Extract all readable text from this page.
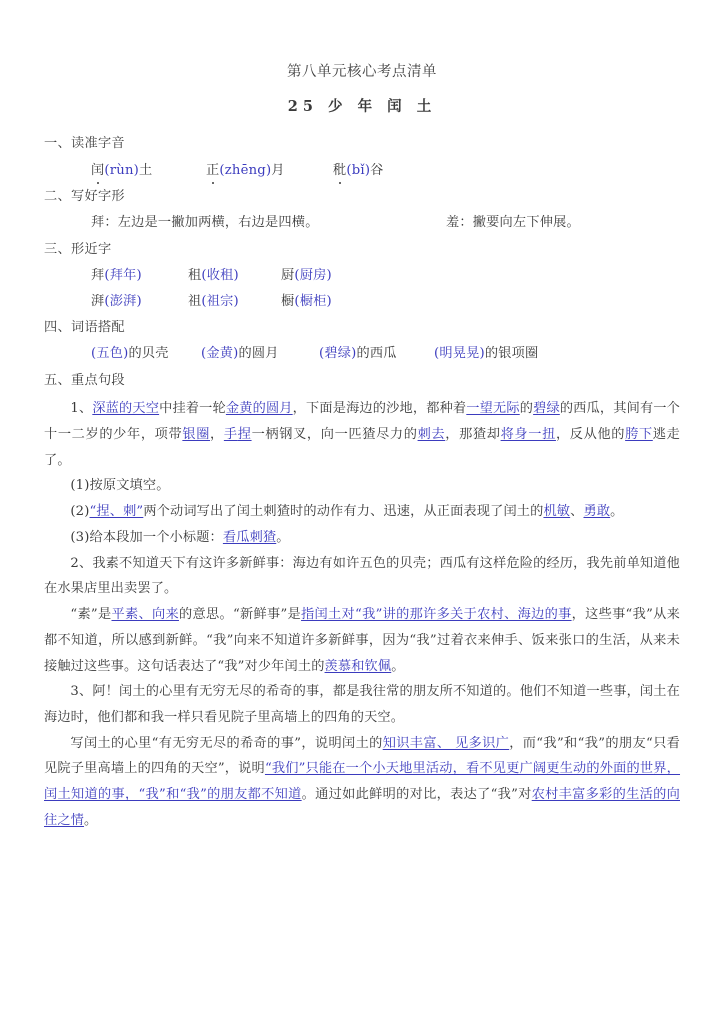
第八单元核心考点清单
25 少 年 闰 土
一、读准字音
闰(rùn)土	正(zhēng)月	秕(bǐ)谷
二、写好字形
拜：左边是一撇加两横，右边是四横。	羞：撇要向左下伸展。
三、形近字
拜(拜年)	租(收租)	厨(厨房)
湃(澎湃)	祖(祖宗)	橱(橱柜)
四、词语搭配
(五色)的贝壳 (金黄)的圆月	(碧绿)的西瓜	(明晃晃)的银项圈
五、重点句段

1、深蓝的天空中挂着一轮金黄的圆月，下面是海边的沙地，都种着一望无际的碧绿的西瓜，其间有一个十一二岁的少年，项带银圈，手捏一柄钢叉，向一匹猹尽力的刺去，那猹却将身一扭，反从他的胯下逃走了。

(1)按原文填空。

(2)“捏、刺”两个动词写出了闰土刺猹时的动作有力、迅速，从正面表现了闰土的机敏、勇敢。

(3)给本段加一个小标题：看瓜刺猹。

2、我素不知道天下有这许多新鲜事：海边有如许五色的贝壳；西瓜有这样危险的经历，我先前单知道他在水果店里出卖罢了。

“素”是平素、向来的意思。“新鲜事”是指闰土对“我”讲的那许多关于农村、海边的事，这些事“我”从来都不知道，所以感到新鲜。“我”向来不知道许多新鲜事，因为“我”过着衣来伸手、饭来张口的生活，从来未接触过这些事。这句话表达了“我”对少年闰土的羡慕和钦佩。

3、阿！闰土的心里有无穷无尽的希奇的事，都是我往常的朋友所不知道的。他们不知道一些事，闰土在海边时，他们都和我一样只看见院子里高墙上的四角的天空。

写闰土的心里“有无穷无尽的希奇的事”，说明闰土的知识丰富、 见多识广，而“我”和“我”的朋友“只看见院子里高墙上的四角的天空”，说明“我们”只能在一个小天地里活动，看不见更广阔更生动的外面的世界，闰土知道的事，“我”和“我”的朋友都不知道。通过如此鲜明的对比，表达了“我”对农村丰富多彩的生活的向往之情。
